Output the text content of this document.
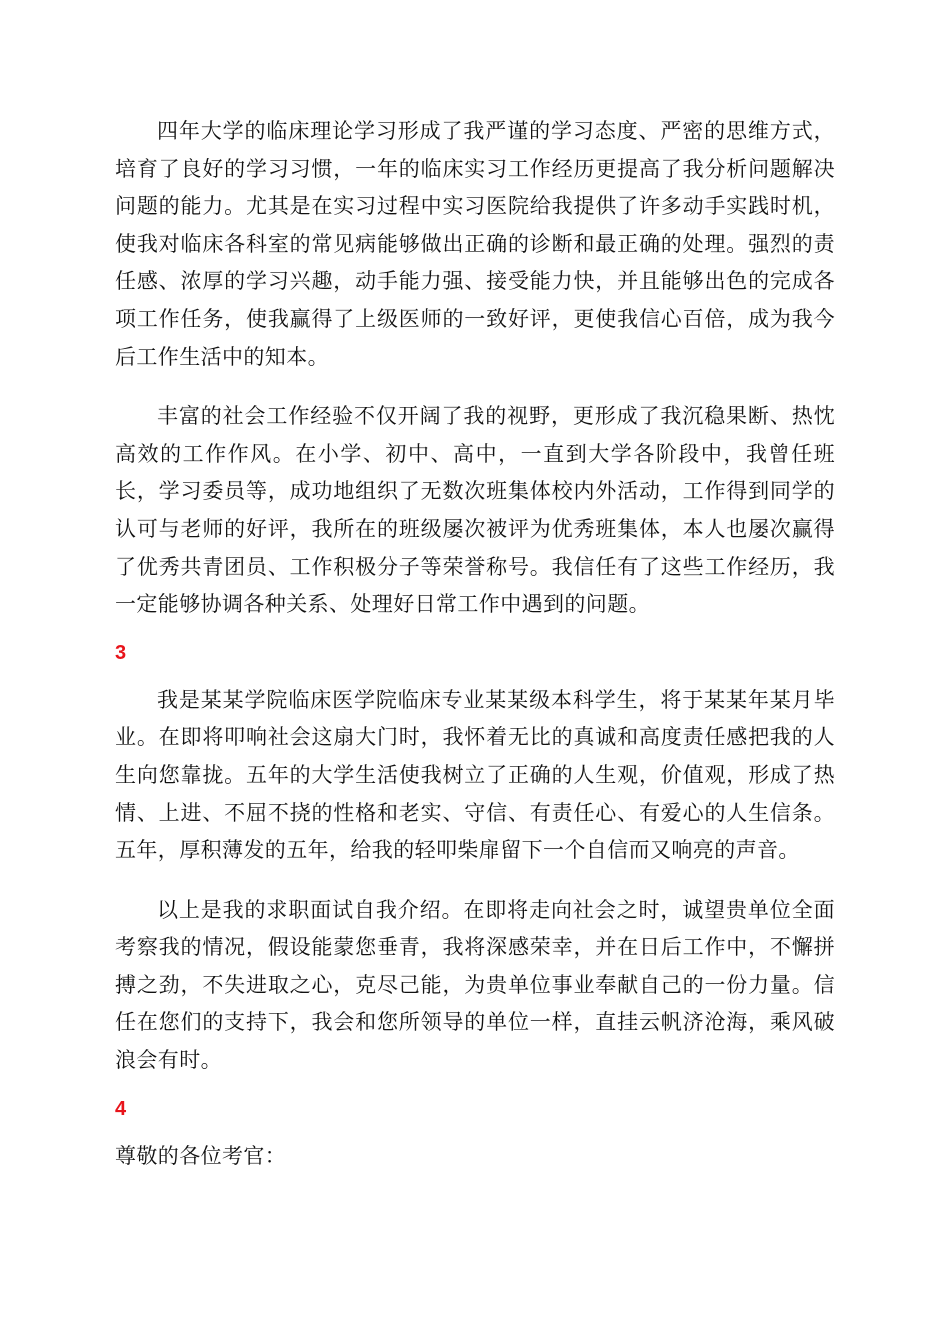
四年大学的临床理论学习形成了我严谨的学习态度、严密的思维方式，培育了良好的学习习惯，一年的临床实习工作经历更提高了我分析问题解决问题的能力。尤其是在实习过程中实习医院给我提供了许多动手实践时机，使我对临床各科室的常见病能够做出正确的诊断和最正确的处理。强烈的责任感、浓厚的学习兴趣，动手能力强、接受能力快，并且能够出色的完成各项工作任务，使我赢得了上级医师的一致好评，更使我信心百倍，成为我今后工作生活中的知本。

丰富的社会工作经验不仅开阔了我的视野，更形成了我沉稳果断、热忱高效的工作作风。在小学、初中、高中，一直到大学各阶段中，我曾任班长，学习委员等，成功地组织了无数次班集体校内外活动，工作得到同学的认可与老师的好评，我所在的班级屡次被评为优秀班集体，本人也屡次赢得了优秀共青团员、工作积极分子等荣誉称号。我信任有了这些工作经历，我一定能够协调各种关系、处理好日常工作中遇到的问题。

3

我是某某学院临床医学院临床专业某某级本科学生，将于某某年某月毕业。在即将叩响社会这扇大门时，我怀着无比的真诚和高度责任感把我的人生向您靠拢。五年的大学生活使我树立了正确的人生观，价值观，形成了热情、上进、不屈不挠的性格和老实、守信、有责任心、有爱心的人生信条。五年，厚积薄发的五年，给我的轻叩柴扉留下一个自信而又响亮的声音。

以上是我的求职面试自我介绍。在即将走向社会之时，诚望贵单位全面考察我的情况，假设能蒙您垂青，我将深感荣幸，并在日后工作中，不懈拼搏之劲，不失进取之心，克尽己能，为贵单位事业奉献自己的一份力量。信任在您们的支持下，我会和您所领导的单位一样，直挂云帆济沧海，乘风破浪会有时。

4

尊敬的各位考官：
